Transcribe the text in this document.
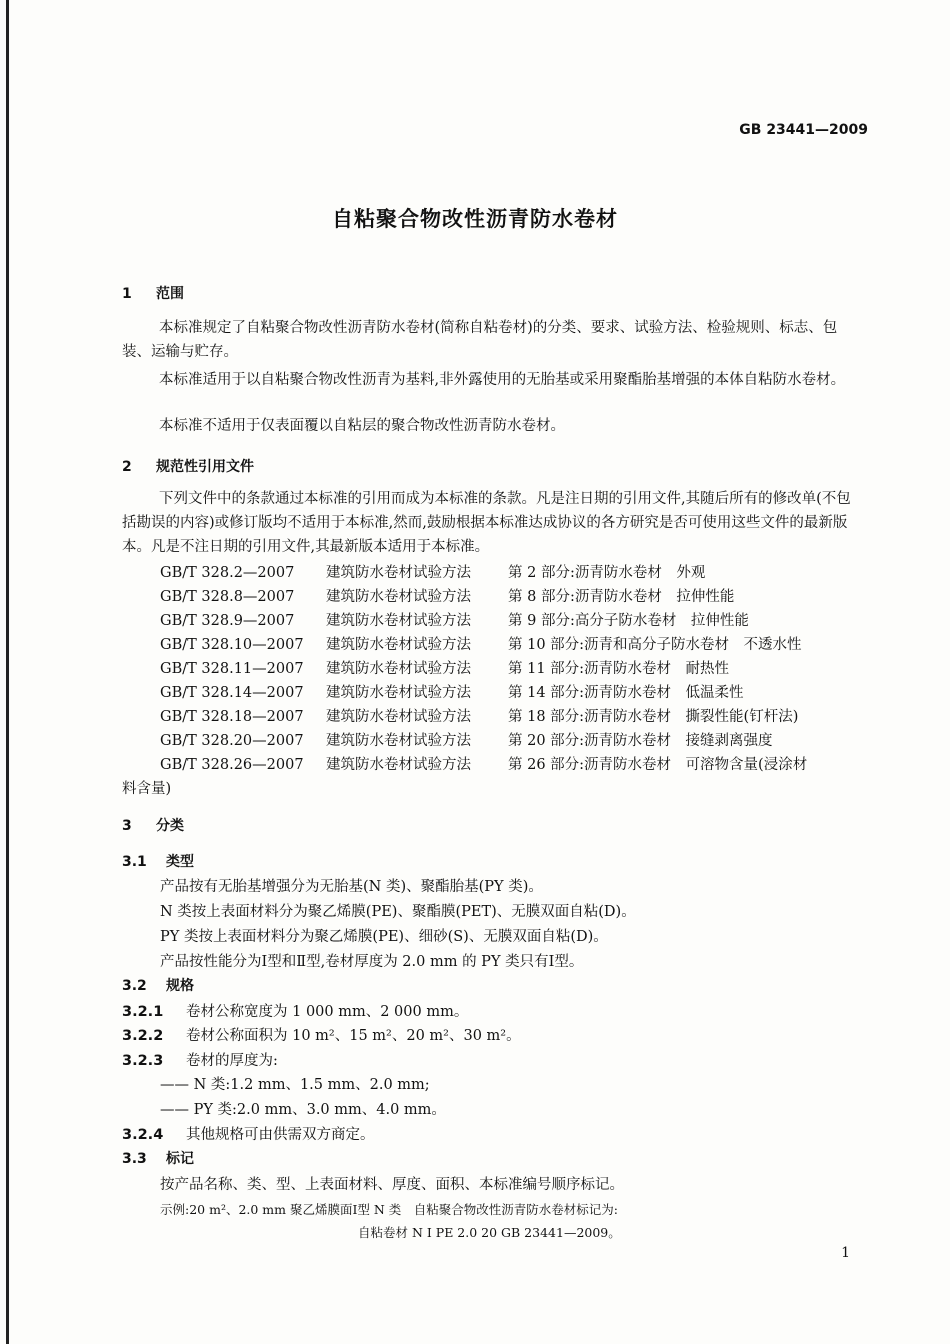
GB 23441—2009
自粘聚合物改性沥青防水卷材
1 范围
本标准规定了自粘聚合物改性沥青防水卷材(简称自粘卷材)的分类、要求、试验方法、检验规则、标志、包装、运输与贮存。
本标准适用于以自粘聚合物改性沥青为基料,非外露使用的无胎基或采用聚酯胎基增强的本体自粘防水卷材。
本标准不适用于仅表面覆以自粘层的聚合物改性沥青防水卷材。
2 规范性引用文件
下列文件中的条款通过本标准的引用而成为本标准的条款。凡是注日期的引用文件,其随后所有的修改单(不包括勘误的内容)或修订版均不适用于本标准,然而,鼓励根据本标准达成协议的各方研究是否可使用这些文件的最新版本。凡是不注日期的引用文件,其最新版本适用于本标准。
GB/T 328.2—2007 建筑防水卷材试验方法	第 2 部分:沥青防水卷材　外观
GB/T 328.8—2007 建筑防水卷材试验方法	第 8 部分:沥青防水卷材　拉伸性能
GB/T 328.9—2007 建筑防水卷材试验方法	第 9 部分:高分子防水卷材　拉伸性能
GB/T 328.10—2007 建筑防水卷材试验方法	第 10 部分:沥青和高分子防水卷材　不透水性
GB/T 328.11—2007 建筑防水卷材试验方法	第 11 部分:沥青防水卷材　耐热性
GB/T 328.14—2007 建筑防水卷材试验方法	第 14 部分:沥青防水卷材　低温柔性
GB/T 328.18—2007 建筑防水卷材试验方法	第 18 部分:沥青防水卷材　撕裂性能(钉杆法)
GB/T 328.20—2007 建筑防水卷材试验方法	第 20 部分:沥青防水卷材　接缝剥离强度
GB/T 328.26—2007 建筑防水卷材试验方法	第 26 部分:沥青防水卷材　可溶物含量(浸涂材
料含量)
3 分类
3.1 类型
产品按有无胎基增强分为无胎基(N 类)、聚酯胎基(PY 类)。
N 类按上表面材料分为聚乙烯膜(PE)、聚酯膜(PET)、无膜双面自粘(D)。
PY 类按上表面材料分为聚乙烯膜(PE)、细砂(S)、无膜双面自粘(D)。
产品按性能分为Ⅰ型和Ⅱ型,卷材厚度为 2.0 mm 的 PY 类只有Ⅰ型。
3.2 规格
3.2.1 卷材公称宽度为 1 000 mm、2 000 mm。
3.2.2 卷材公称面积为 10 m²、15 m²、20 m²、30 m²。
3.2.3 卷材的厚度为:
—— N 类:1.2 mm、1.5 mm、2.0 mm;
—— PY 类:2.0 mm、3.0 mm、4.0 mm。
3.2.4 其他规格可由供需双方商定。
3.3 标记
按产品名称、类、型、上表面材料、厚度、面积、本标准编号顺序标记。
示例:20 m²、2.0 mm 聚乙烯膜面Ⅰ型 N 类　自粘聚合物改性沥青防水卷材标记为:
自粘卷材 N Ⅰ PE 2.0 20 GB 23441—2009。
1
